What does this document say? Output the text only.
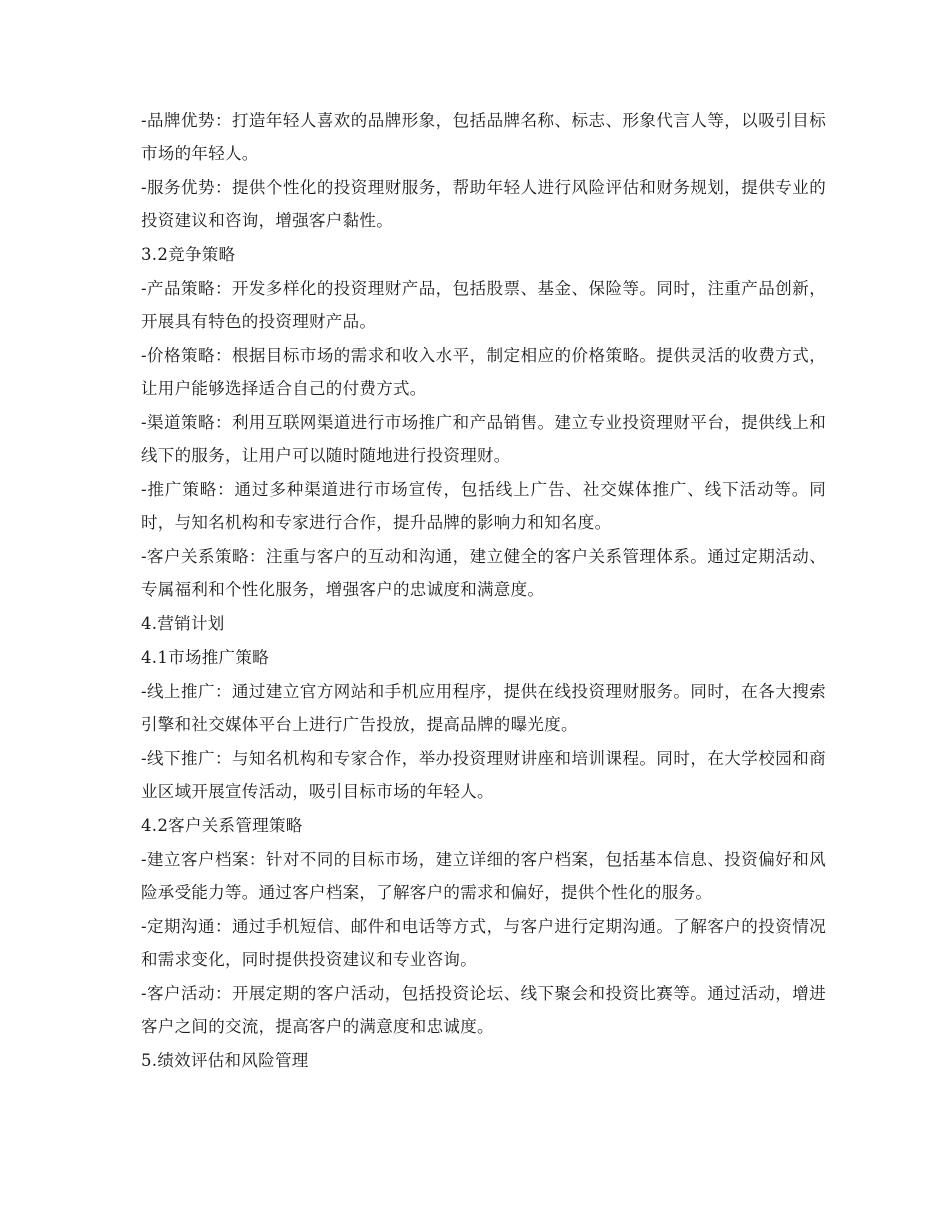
-品牌优势：打造年轻人喜欢的品牌形象，包括品牌名称、标志、形象代言人等，以吸引目标市场的年轻人。

-服务优势：提供个性化的投资理财服务，帮助年轻人进行风险评估和财务规划，提供专业的投资建议和咨询，增强客户黏性。

3.2竞争策略

-产品策略：开发多样化的投资理财产品，包括股票、基金、保险等。同时，注重产品创新，开展具有特色的投资理财产品。

-价格策略：根据目标市场的需求和收入水平，制定相应的价格策略。提供灵活的收费方式，让用户能够选择适合自己的付费方式。

-渠道策略：利用互联网渠道进行市场推广和产品销售。建立专业投资理财平台，提供线上和线下的服务，让用户可以随时随地进行投资理财。

-推广策略：通过多种渠道进行市场宣传，包括线上广告、社交媒体推广、线下活动等。同时，与知名机构和专家进行合作，提升品牌的影响力和知名度。

-客户关系策略：注重与客户的互动和沟通，建立健全的客户关系管理体系。通过定期活动、专属福利和个性化服务，增强客户的忠诚度和满意度。

4.营销计划

4.1市场推广策略

-线上推广：通过建立官方网站和手机应用程序，提供在线投资理财服务。同时，在各大搜索引擎和社交媒体平台上进行广告投放，提高品牌的曝光度。

-线下推广：与知名机构和专家合作，举办投资理财讲座和培训课程。同时，在大学校园和商业区域开展宣传活动，吸引目标市场的年轻人。

4.2客户关系管理策略

-建立客户档案：针对不同的目标市场，建立详细的客户档案，包括基本信息、投资偏好和风险承受能力等。通过客户档案，了解客户的需求和偏好，提供个性化的服务。

-定期沟通：通过手机短信、邮件和电话等方式，与客户进行定期沟通。了解客户的投资情况和需求变化，同时提供投资建议和专业咨询。

-客户活动：开展定期的客户活动，包括投资论坛、线下聚会和投资比赛等。通过活动，增进客户之间的交流，提高客户的满意度和忠诚度。

5.绩效评估和风险管理
